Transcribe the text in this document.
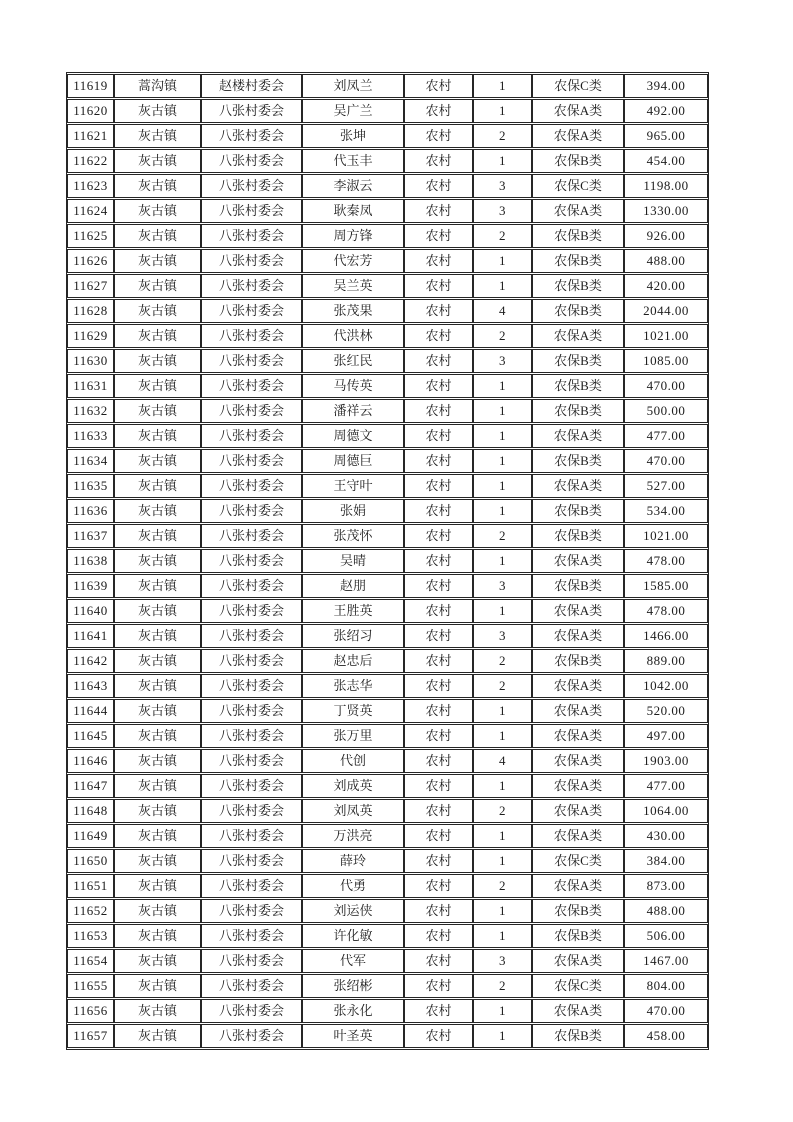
11619	蒿沟镇	赵楼村委会	刘凤兰	农村	1	农保C类	394.00
11620	灰古镇	八张村委会	吴广兰	农村	1	农保A类	492.00
11621	灰古镇	八张村委会	张坤	农村	2	农保A类	965.00
11622	灰古镇	八张村委会	代玉丰	农村	1	农保B类	454.00
11623	灰古镇	八张村委会	李淑云	农村	3	农保C类	1198.00
11624	灰古镇	八张村委会	耿秦凤	农村	3	农保A类	1330.00
11625	灰古镇	八张村委会	周方锋	农村	2	农保B类	926.00
11626	灰古镇	八张村委会	代宏芳	农村	1	农保B类	488.00
11627	灰古镇	八张村委会	吴兰英	农村	1	农保B类	420.00
11628	灰古镇	八张村委会	张茂果	农村	4	农保B类	2044.00
11629	灰古镇	八张村委会	代洪林	农村	2	农保A类	1021.00
11630	灰古镇	八张村委会	张红民	农村	3	农保B类	1085.00
11631	灰古镇	八张村委会	马传英	农村	1	农保B类	470.00
11632	灰古镇	八张村委会	潘祥云	农村	1	农保B类	500.00
11633	灰古镇	八张村委会	周德文	农村	1	农保A类	477.00
11634	灰古镇	八张村委会	周德巨	农村	1	农保B类	470.00
11635	灰古镇	八张村委会	王守叶	农村	1	农保A类	527.00
11636	灰古镇	八张村委会	张娟	农村	1	农保B类	534.00
11637	灰古镇	八张村委会	张茂怀	农村	2	农保B类	1021.00
11638	灰古镇	八张村委会	吴晴	农村	1	农保A类	478.00
11639	灰古镇	八张村委会	赵朋	农村	3	农保B类	1585.00
11640	灰古镇	八张村委会	王胜英	农村	1	农保A类	478.00
11641	灰古镇	八张村委会	张绍习	农村	3	农保A类	1466.00
11642	灰古镇	八张村委会	赵忠后	农村	2	农保B类	889.00
11643	灰古镇	八张村委会	张志华	农村	2	农保A类	1042.00
11644	灰古镇	八张村委会	丁贤英	农村	1	农保A类	520.00
11645	灰古镇	八张村委会	张万里	农村	1	农保A类	497.00
11646	灰古镇	八张村委会	代创	农村	4	农保A类	1903.00
11647	灰古镇	八张村委会	刘成英	农村	1	农保A类	477.00
11648	灰古镇	八张村委会	刘凤英	农村	2	农保A类	1064.00
11649	灰古镇	八张村委会	万洪亮	农村	1	农保A类	430.00
11650	灰古镇	八张村委会	薛玲	农村	1	农保C类	384.00
11651	灰古镇	八张村委会	代勇	农村	2	农保A类	873.00
11652	灰古镇	八张村委会	刘运侠	农村	1	农保B类	488.00
11653	灰古镇	八张村委会	许化敏	农村	1	农保B类	506.00
11654	灰古镇	八张村委会	代军	农村	3	农保A类	1467.00
11655	灰古镇	八张村委会	张绍彬	农村	2	农保C类	804.00
11656	灰古镇	八张村委会	张永化	农村	1	农保A类	470.00
11657	灰古镇	八张村委会	叶圣英	农村	1	农保B类	458.00
